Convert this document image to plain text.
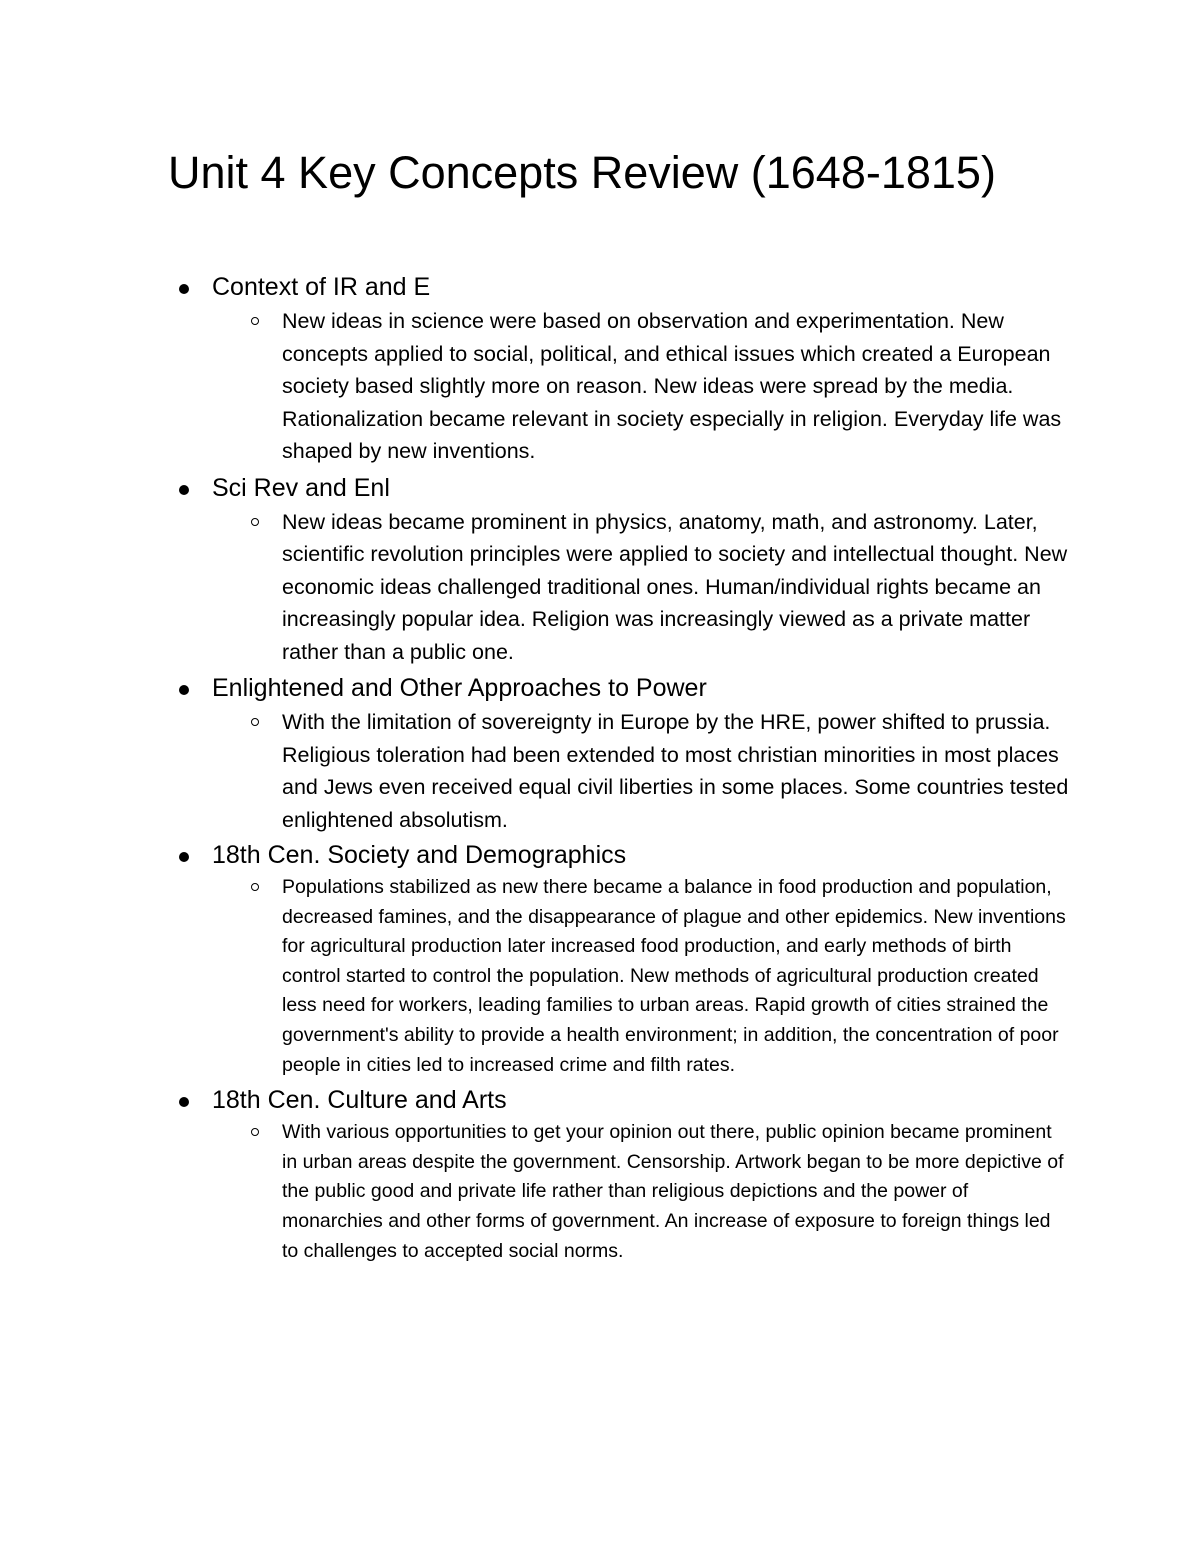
Unit 4 Key Concepts Review (1648-1815)
Context of IR and E

New ideas in science were based on observation and experimentation. New concepts applied to social, political, and ethical issues which created a European society based slightly more on reason. New ideas were spread by the media. Rationalization became relevant in society especially in religion. Everyday life was shaped by new inventions.

Sci Rev and Enl

New ideas became prominent in physics, anatomy, math, and astronomy. Later, scientific revolution principles were applied to society and intellectual thought. New economic ideas challenged traditional ones. Human/individual rights became an increasingly popular idea. Religion was increasingly viewed as a private matter rather than a public one.

Enlightened and Other Approaches to Power

With the limitation of sovereignty in Europe by the HRE, power shifted to prussia. Religious toleration had been extended to most christian minorities in most places and Jews even received equal civil liberties in some places. Some countries tested enlightened absolutism.

18th Cen. Society and Demographics

Populations stabilized as new there became a balance in food production and population, decreased famines, and the disappearance of plague and other epidemics. New inventions for agricultural production later increased food production, and early methods of birth control started to control the population. New methods of agricultural production created less need for workers, leading families to urban areas. Rapid growth of cities strained the government's ability to provide a health environment; in addition, the concentration of poor people in cities led to increased crime and filth rates.

18th Cen. Culture and Arts

With various opportunities to get your opinion out there, public opinion became prominent in urban areas despite the government. Censorship. Artwork began to be more depictive of the public good and private life rather than religious depictions and the power of monarchies and other forms of government. An increase of exposure to foreign things led to challenges to accepted social norms.
